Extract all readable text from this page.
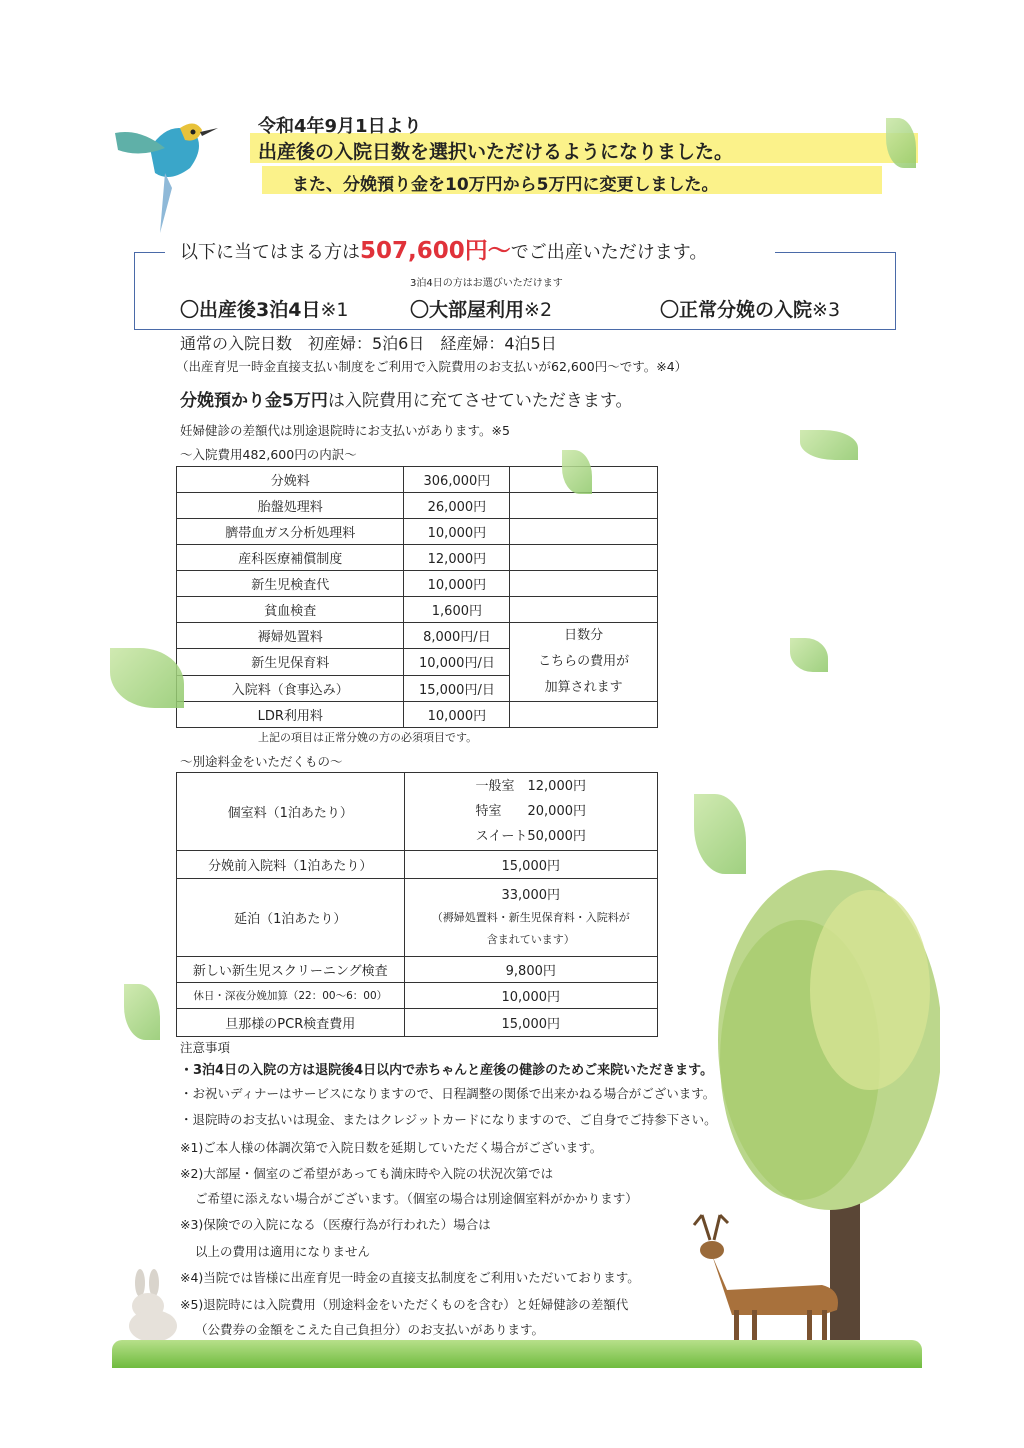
令和4年9月1日より
出産後の入院日数を選択いただけるようになりました。
また、分娩預り金を10万円から5万円に変更しました。
以下に当てはまる方は507,600円〜でご出産いただけます。
3泊4日の方はお選びいただけます
〇出産後3泊4日※1	〇大部屋利用※2	〇正常分娩の入院※3
通常の入院日数　初産婦：5泊6日　経産婦：4泊5日
（出産育児一時金直接支払い制度をご利用で入院費用のお支払いが62,600円〜です。※4）
分娩預かり金5万円は入院費用に充てさせていただきます。
妊婦健診の差額代は別途退院時にお支払いがあります。※5
〜入院費用482,600円の内訳〜
分娩料	306,000円	
胎盤処理料	26,000円	
臍帯血ガス分析処理料	10,000円	
産科医療補償制度	12,000円	
新生児検査代	10,000円	
貧血検査	1,600円	
褥婦処置料	8,000円/日	日数分
こちらの費用が
加算されます

新生児保育料	10,000円/日	
入院料（食事込み）	15,000円/日	
LDR利用料	10,000円	
上記の項目は正常分娩の方の必須項目です。
〜別途料金をいただくもの〜
個室料（1泊あたり）	一般室　12,000円
特室　　20,000円
スイート50,000円

分娩前入院料（1泊あたり）	15,000円
延泊（1泊あたり）	33,000円
（褥婦処置料・新生児保育料・入院料が
含まれています）

新しい新生児スクリーニング検査	9,800円
休日・深夜分娩加算（22：00〜6：00）	10,000円
旦那様のPCR検査費用	15,000円
注意事項
・3泊4日の入院の方は退院後4日以内で赤ちゃんと産後の健診のためご来院いただきます。
・お祝いディナーはサービスになりますので、日程調整の関係で出来かねる場合がございます。
・退院時のお支払いは現金、またはクレジットカードになりますので、ご自身でご持参下さい。
※1)ご本人様の体調次第で入院日数を延期していただく場合がございます。
※2)大部屋・個室のご希望があっても満床時や入院の状況次第では
ご希望に添えない場合がございます。（個室の場合は別途個室料がかかります）
※3)保険での入院になる（医療行為が行われた）場合は
以上の費用は適用になりません
※4)当院では皆様に出産育児一時金の直接支払制度をご利用いただいております。
※5)退院時には入院費用（別途料金をいただくものを含む）と妊婦健診の差額代
（公費券の金額をこえた自己負担分）のお支払いがあります。
